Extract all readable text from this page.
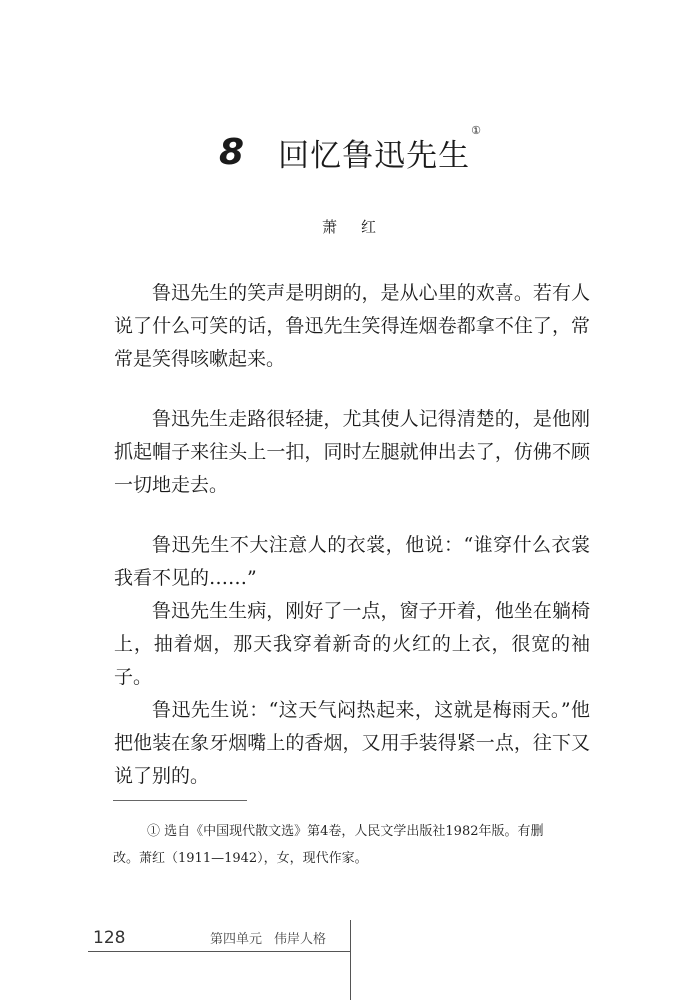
8 回忆鲁迅先生①
萧 红

鲁迅先生的笑声是明朗的，是从心里的欢喜。若有人说了什么可笑的话，鲁迅先生笑得连烟卷都拿不住了，常常是笑得咳嗽起来。

鲁迅先生走路很轻捷，尤其使人记得清楚的，是他刚抓起帽子来往头上一扣，同时左腿就伸出去了，仿佛不顾一切地走去。

鲁迅先生不大注意人的衣裳，他说：“谁穿什么衣裳我看不见的……”

鲁迅先生生病，刚好了一点，窗子开着，他坐在躺椅上，抽着烟，那天我穿着新奇的火红的上衣，很宽的袖子。

鲁迅先生说：“这天气闷热起来，这就是梅雨天。”他把他装在象牙烟嘴上的香烟，又用手装得紧一点，往下又说了别的。

① 选自《中国现代散文选》第4卷，人民文学出版社1982年版。有删
改。萧红（1911—1942），女，现代作家。
128	第四单元 伟岸人格
